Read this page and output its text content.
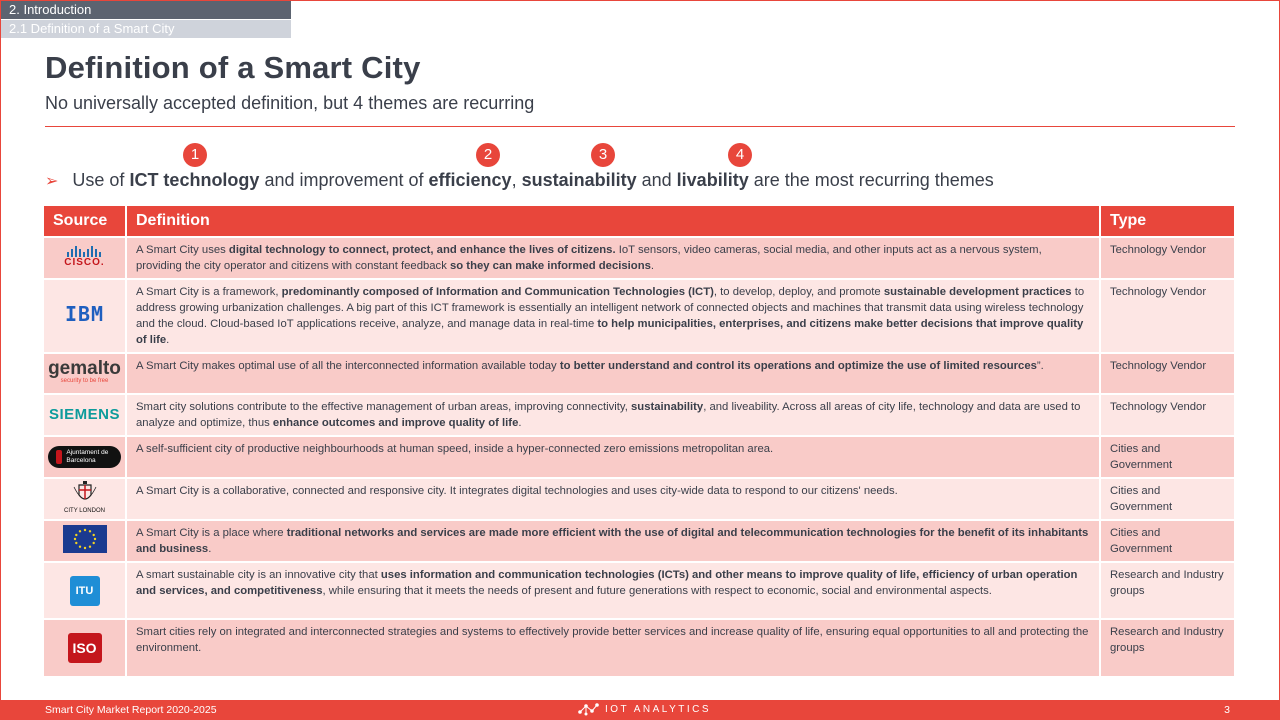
2. Introduction
2.1 Definition of a Smart City
Definition of a Smart City
No universally accepted definition, but 4 themes are recurring
1	2	3	4
➢ Use of ICT technology and improvement of efficiency, sustainability and livability are the most recurring themes
Source	Definition	Type

CISCO.	A Smart City uses digital technology to connect, protect, and enhance the lives of citizens. IoT sensors, video cameras, social media, and other inputs act as a nervous system, providing the city operator and citizens with constant feedback so they can make informed decisions.	Technology Vendor
IBM	A Smart City is a framework, predominantly composed of Information and Communication Technologies (ICT), to develop, deploy, and promote sustainable development practices to address growing urbanization challenges. A big part of this ICT framework is essentially an intelligent network of connected objects and machines that transmit data using wireless technology and the cloud. Cloud-based IoT applications receive, analyze, and manage data in real-time to help municipalities, enterprises, and citizens make better decisions that improve quality of life.	Technology Vendor

gemalto
security to be free	A Smart City makes optimal use of all the interconnected information available today to better understand and control its operations and optimize the use of limited resources”.	Technology Vendor
SIEMENS	Smart city solutions contribute to the effective management of urban areas, improving connectivity, sustainability, and liveability. Across all areas of city life, technology and data are used to analyze and optimize, thus enhance outcomes and improve quality of life.	Technology Vendor

Ajuntament de Barcelona	A self-sufficient city of productive neighbourhoods at human speed, inside a hyper-connected zero emissions metropolitan area.	Cities and Government

CITY LONDON	A Smart City is a collaborative, connected and responsive city. It integrates digital technologies and uses city-wide data to respond to our citizens' needs.	Cities and Government
	A Smart City is a place where traditional networks and services are made more efficient with the use of digital and telecommunication technologies for the benefit of its inhabitants and business.	Cities and Government
ITU	A smart sustainable city is an innovative city that uses information and communication technologies (ICTs) and other means to improve quality of life, efficiency of urban operation and services, and competitiveness, while ensuring that it meets the needs of present and future generations with respect to economic, social and environmental aspects.	Research and Industry groups
ISO	Smart cities rely on integrated and interconnected strategies and systems to effectively provide better services and increase quality of life, ensuring equal opportunities to all and protecting the environment.	Research and Industry groups
Smart City Market Report 2020-2025	IOT ANALYTICS	3
